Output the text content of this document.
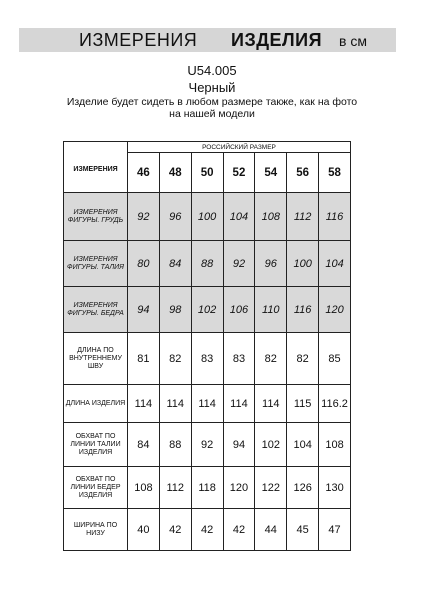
ИЗМЕРЕНИЯ ИЗДЕЛИЯ в см
U54.005
Черный
Изделие будет сидеть в любом размере также, как на фото на нашей модели
ИЗМЕРЕНИЯ	РОССИЙСКИЙ РАЗМЕР						
	46	48	50	52	54	56	58
ИЗМЕРЕНИЯ ФИГУРЫ. ГРУДЬ	92	96	100	104	108	112	116
ИЗМЕРЕНИЯ ФИГУРЫ. ТАЛИЯ	80	84	88	92	96	100	104
ИЗМЕРЕНИЯ ФИГУРЫ. БЕДРА	94	98	102	106	110	116	120
ДЛИНА ПО ВНУТРЕННЕМУ ШВУ	81	82	83	83	82	82	85
ДЛИНА ИЗДЕЛИЯ	114	114	114	114	114	115	116.2
ОБХВАТ ПО ЛИНИИ ТАЛИИ ИЗДЕЛИЯ	84	88	92	94	102	104	108
ОБХВАТ ПО ЛИНИИ БЕДЕР ИЗДЕЛИЯ	108	112	118	120	122	126	130
ШИРИНА ПО НИЗУ	40	42	42	42	44	45	47
